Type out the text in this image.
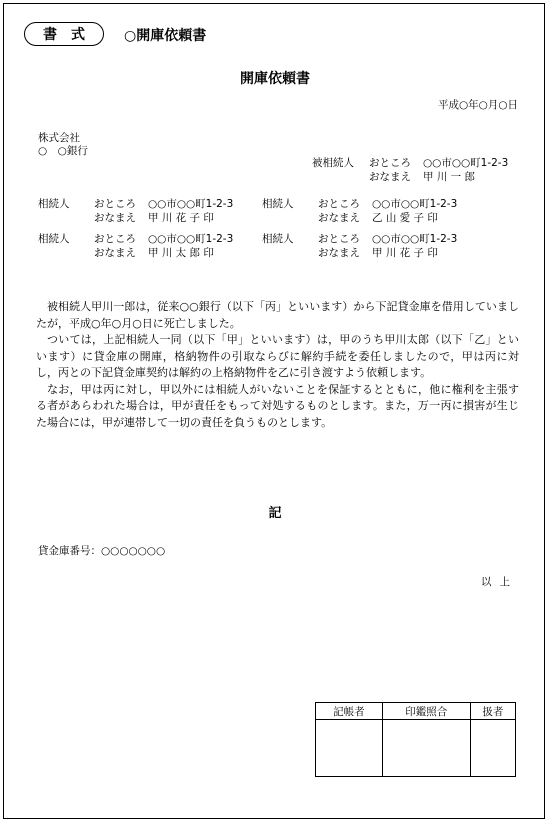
書式	○開庫依頼書
開庫依頼書
平成○年○月○日
株式会社
○　○銀行
被相続人	おところ	○○市○○町1-2-3
おなまえ	甲 川 一 郎
相続人	おところ	○○市○○町1-2-3
おなまえ	甲 川 花 子 印
相続人	おところ	○○市○○町1-2-3
おなまえ	乙 山 愛 子 印
相続人	おところ	○○市○○町1-2-3
おなまえ	甲 川 太 郎 印
相続人	おところ	○○市○○町1-2-3
おなまえ	甲 川 花 子 印

被相続人甲川一郎は，従来○○銀行（以下「丙」といいます）から下記貸金庫を借用していましたが，平成○年○月○日に死亡しました。

ついては，上記相続人一同（以下「甲」といいます）は，甲のうち甲川太郎（以下「乙」といいます）に貸金庫の開庫，格納物件の引取ならびに解約手続を委任しましたので，甲は丙に対し，丙との下記貸金庫契約は解約の上格納物件を乙に引き渡すよう依頼します。

なお，甲は丙に対し，甲以外には相続人がいないことを保証するとともに，他に権利を主張する者があらわれた場合は，甲が責任をもって対処するものとします。また，万一丙に損害が生じた場合には，甲が連帯して一切の責任を負うものとします。

記
貸金庫番号：○○○○○○○
以上
記帳者	印鑑照合	扱者
